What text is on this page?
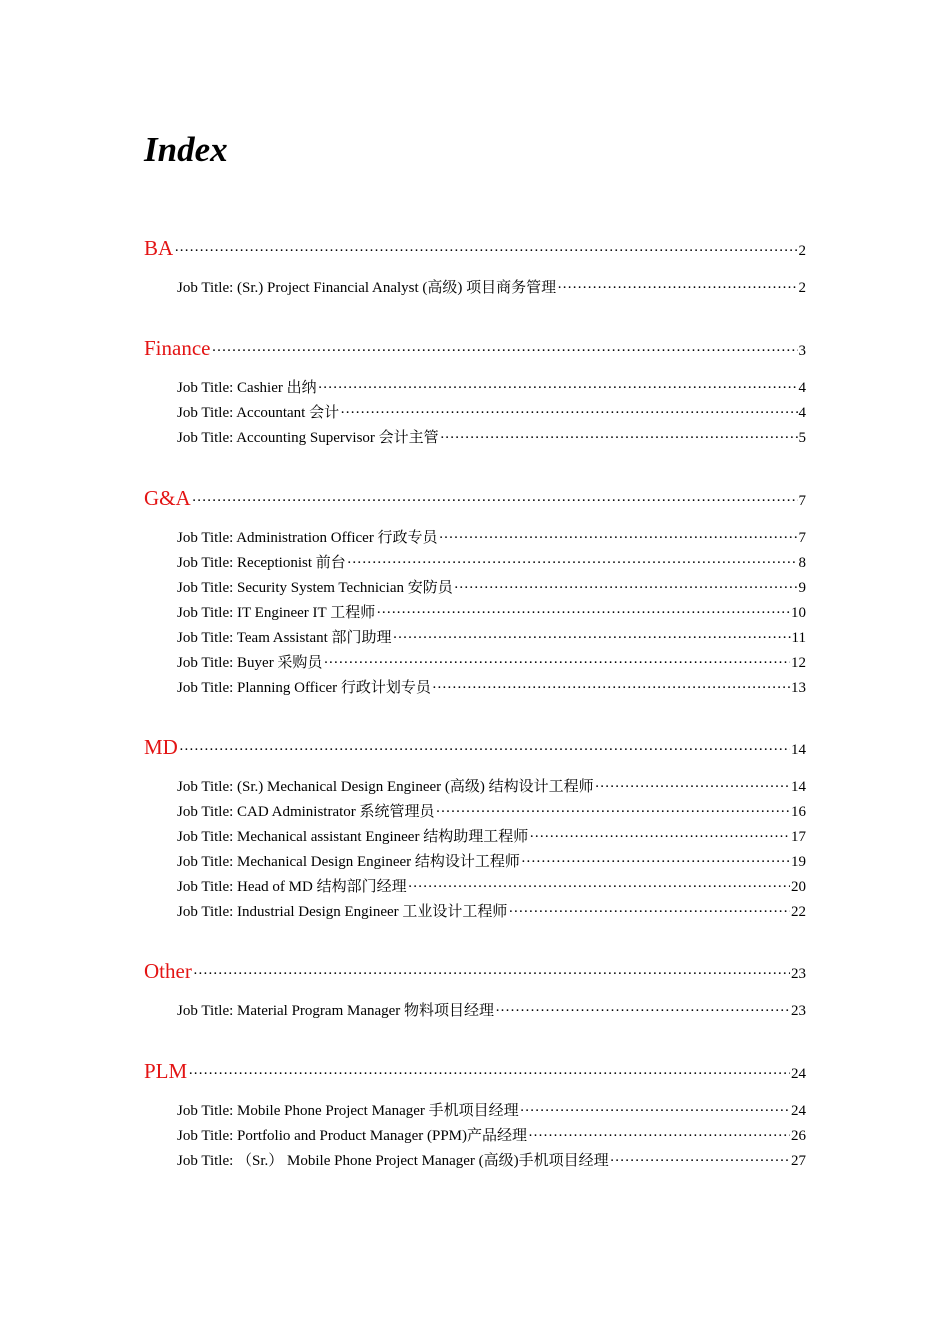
Index
BA ·····	2
Job Title: (Sr.) Project Financial Analyst (高级) 项目商务管理 ·····	2
Finance ·····	3
Job Title: Cashier 出纳 ·····	4
Job Title: Accountant 会计 ·····	4
Job Title: Accounting Supervisor 会计主管 ·····	5
G&A ·····	7
Job Title: Administration Officer 行政专员 ·····	7
Job Title: Receptionist 前台 ·····	8
Job Title: Security System Technician 安防员 ·····	9
Job Title: IT Engineer IT 工程师 ·····	10
Job Title: Team Assistant 部门助理 ·····	11
Job Title: Buyer 采购员 ·····	12
Job Title: Planning Officer 行政计划专员 ·····	13
MD ·····	14
Job Title: (Sr.) Mechanical Design Engineer (高级) 结构设计工程师 ·····	14
Job Title: CAD Administrator 系统管理员 ·····	16
Job Title: Mechanical assistant Engineer 结构助理工程师 ·····	17
Job Title: Mechanical Design Engineer 结构设计工程师 ·····	19
Job Title: Head of MD 结构部门经理 ·····	20
Job Title: Industrial Design Engineer 工业设计工程师 ·····	22
Other ·····	23
Job Title: Material Program Manager 物料项目经理 ·····	23
PLM ·····	24
Job Title: Mobile Phone Project Manager 手机项目经理 ·····	24
Job Title: Portfolio and Product Manager (PPM)产品经理 ·····	26
Job Title: （Sr.） Mobile Phone Project Manager (高级)手机项目经理 ·····	27
